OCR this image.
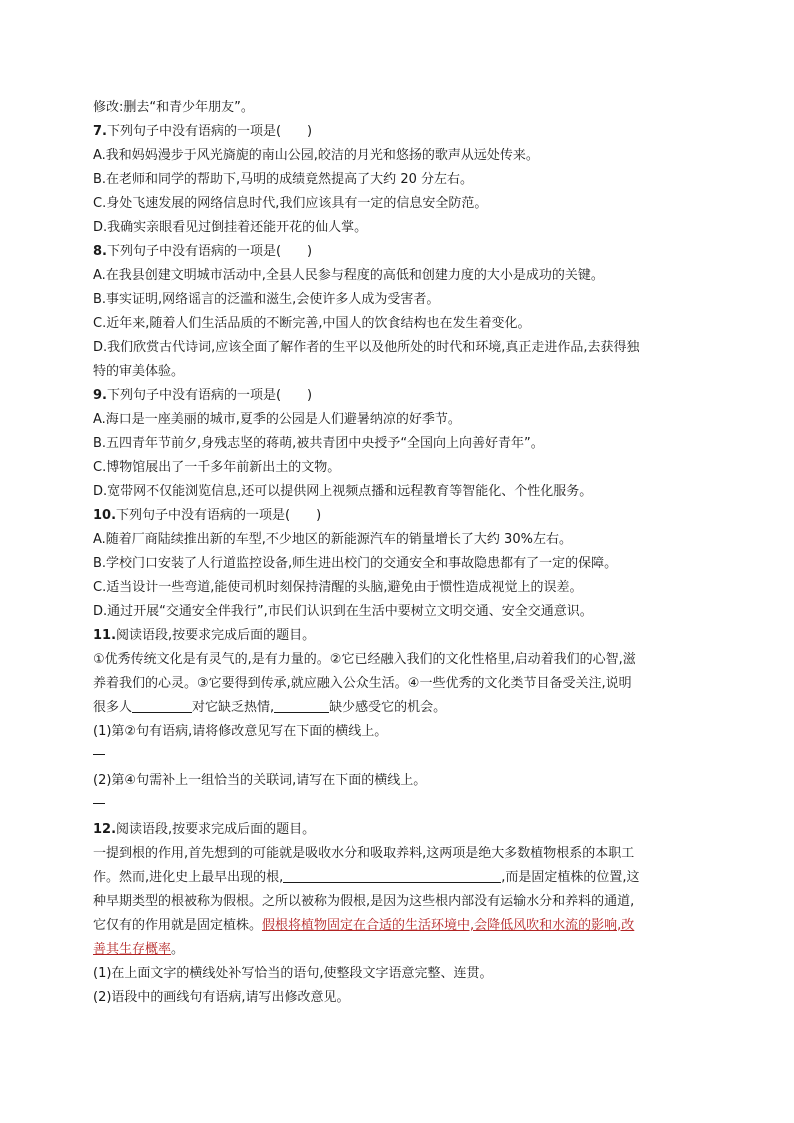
修改:删去“和青少年朋友”。
7.下列句子中没有语病的一项是(　　)
A.我和妈妈漫步于风光旖旎的南山公园,皎洁的月光和悠扬的歌声从远处传来。
B.在老师和同学的帮助下,马明的成绩竟然提高了大约 20 分左右。
C.身处飞速发展的网络信息时代,我们应该具有一定的信息安全防范。
D.我确实亲眼看见过倒挂着还能开花的仙人掌。
8.下列句子中没有语病的一项是(　　)
A.在我县创建文明城市活动中,全县人民参与程度的高低和创建力度的大小是成功的关键。
B.事实证明,网络谣言的泛滥和滋生,会使许多人成为受害者。
C.近年来,随着人们生活品质的不断完善,中国人的饮食结构也在发生着变化。
D.我们欣赏古代诗词,应该全面了解作者的生平以及他所处的时代和环境,真正走进作品,去获得独
特的审美体验。
9.下列句子中没有语病的一项是(　　)
A.海口是一座美丽的城市,夏季的公园是人们避暑纳凉的好季节。
B.五四青年节前夕,身残志坚的蒋萌,被共青团中央授予“全国向上向善好青年”。
C.博物馆展出了一千多年前新出土的文物。
D.宽带网不仅能浏览信息,还可以提供网上视频点播和远程教育等智能化、个性化服务。
10.下列句子中没有语病的一项是(　　)
A.随着厂商陆续推出新的车型,不少地区的新能源汽车的销量增长了大约 30%左右。
B.学校门口安装了人行道监控设备,师生进出校门的交通安全和事故隐患都有了一定的保障。
C.适当设计一些弯道,能使司机时刻保持清醒的头脑,避免由于惯性造成视觉上的误差。
D.通过开展“交通安全伴我行”,市民们认识到在生活中要树立文明交通、安全交通意识。
11.阅读语段,按要求完成后面的题目。
①优秀传统文化是有灵气的,是有力量的。②它已经融入我们的文化性格里,启动着我们的心智,滋
养着我们的心灵。③它要得到传承,就应融入公众生活。④一些优秀的文化类节目备受关注,说明
很多人	对它缺乏热情,	缺少感受它的机会。
(1)第②句有语病,请将修改意见写在下面的横线上。
(2)第④句需补上一组恰当的关联词,请写在下面的横线上。
12.阅读语段,按要求完成后面的题目。
一提到根的作用,首先想到的可能就是吸收水分和吸取养料,这两项是绝大多数植物根系的本职工
作。然而,进化史上最早出现的根,	,而是固定植株的位置,这
种早期类型的根被称为假根。之所以被称为假根,是因为这些根内部没有运输水分和养料的通道,
它仅有的作用就是固定植株。假根将植物固定在合适的生活环境中,会降低风吹和水流的影响,改
善其生存概率。
(1)在上面文字的横线处补写恰当的语句,使整段文字语意完整、连贯。
(2)语段中的画线句有语病,请写出修改意见。
